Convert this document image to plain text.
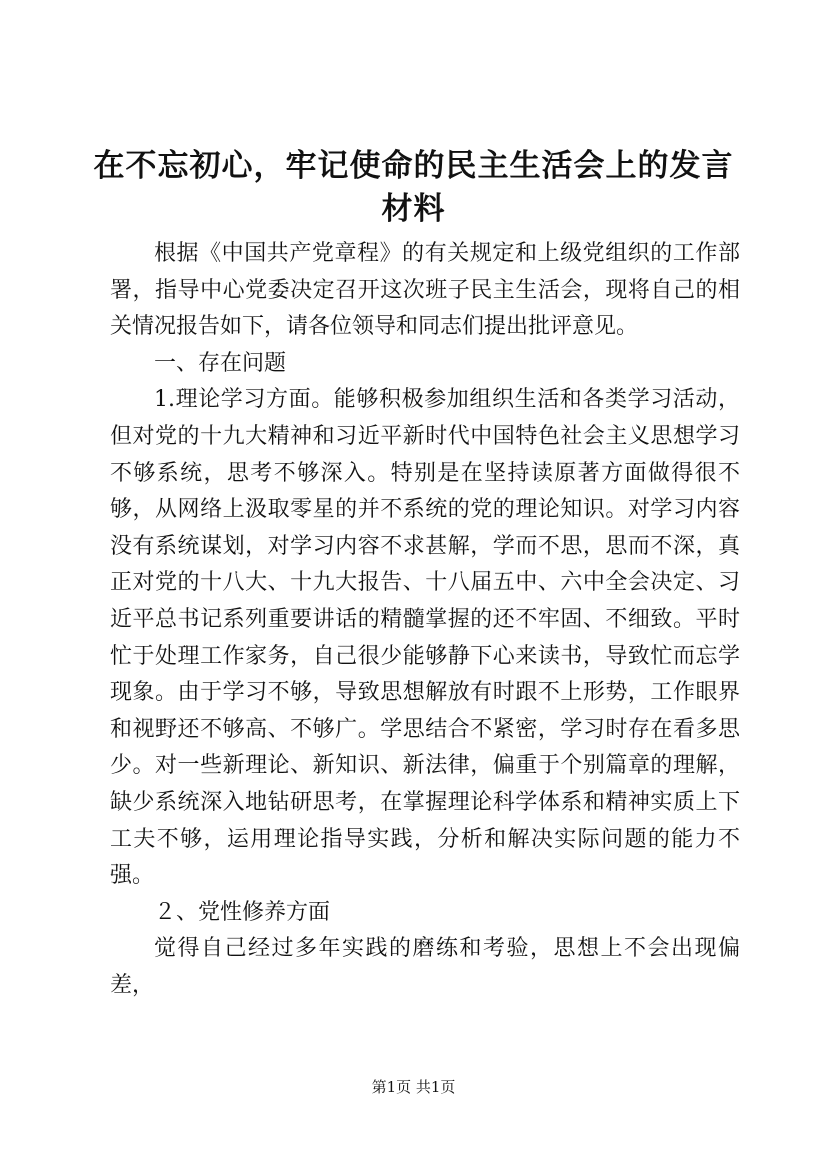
在不忘初心，牢记使命的民主生活会上的发言
材料

根据《中国共产党章程》的有关规定和上级党组织的工作部署，指导中心党委决定召开这次班子民主生活会，现将自己的相关情况报告如下，请各位领导和同志们提出批评意见。

一、存在问题

1.理论学习方面。能够积极参加组织生活和各类学习活动，但对党的十九大精神和习近平新时代中国特色社会主义思想学习不够系统，思考不够深入。特别是在坚持读原著方面做得很不够，从网络上汲取零星的并不系统的党的理论知识。对学习内容没有系统谋划，对学习内容不求甚解，学而不思，思而不深，真正对党的十八大、十九大报告、十八届五中、六中全会决定、习近平总书记系列重要讲话的精髓掌握的还不牢固、不细致。平时忙于处理工作家务，自己很少能够静下心来读书，导致忙而忘学现象。由于学习不够，导致思想解放有时跟不上形势，工作眼界和视野还不够高、不够广。学思结合不紧密，学习时存在看多思少。对一些新理论、新知识、新法律，偏重于个别篇章的理解，缺少系统深入地钻研思考，在掌握理论科学体系和精神实质上下工夫不够，运用理论指导实践，分析和解决实际问题的能力不强。

２、党性修养方面

觉得自己经过多年实践的磨练和考验，思想上不会出现偏差，

第1页 共1页
